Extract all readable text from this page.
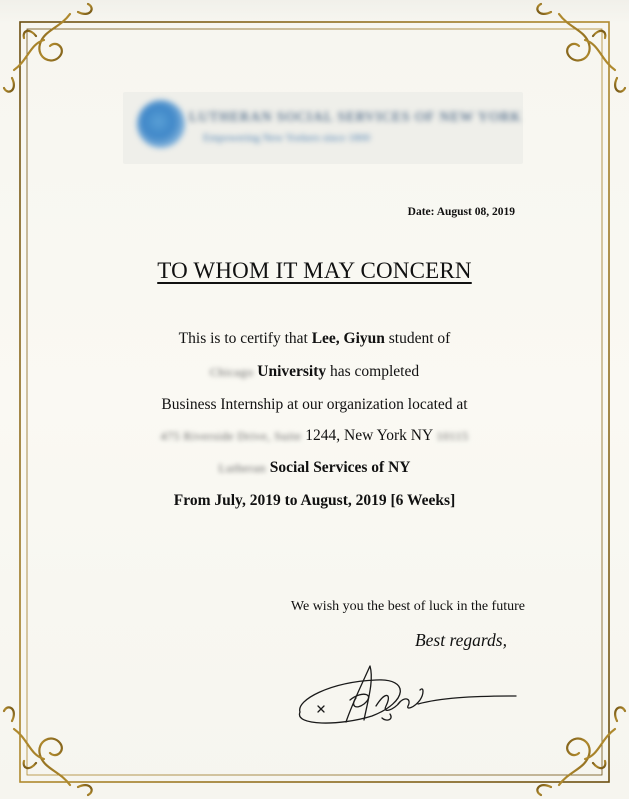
LUTHERAN SOCIAL SERVICES OF NEW YORK
Empowering New Yorkers since 1800
Date: August 08, 2019
TO WHOM IT MAY CONCERN
This is to certify that Lee, Giyun student of
Chicago University has completed
Business Internship at our organization located at
475 Riverside Drive, Suite 1244, New York NY 10115
Lutheran Social Services of NY
From July, 2019 to August, 2019 [6 Weeks]
We wish you the best of luck in the future
Best regards,
